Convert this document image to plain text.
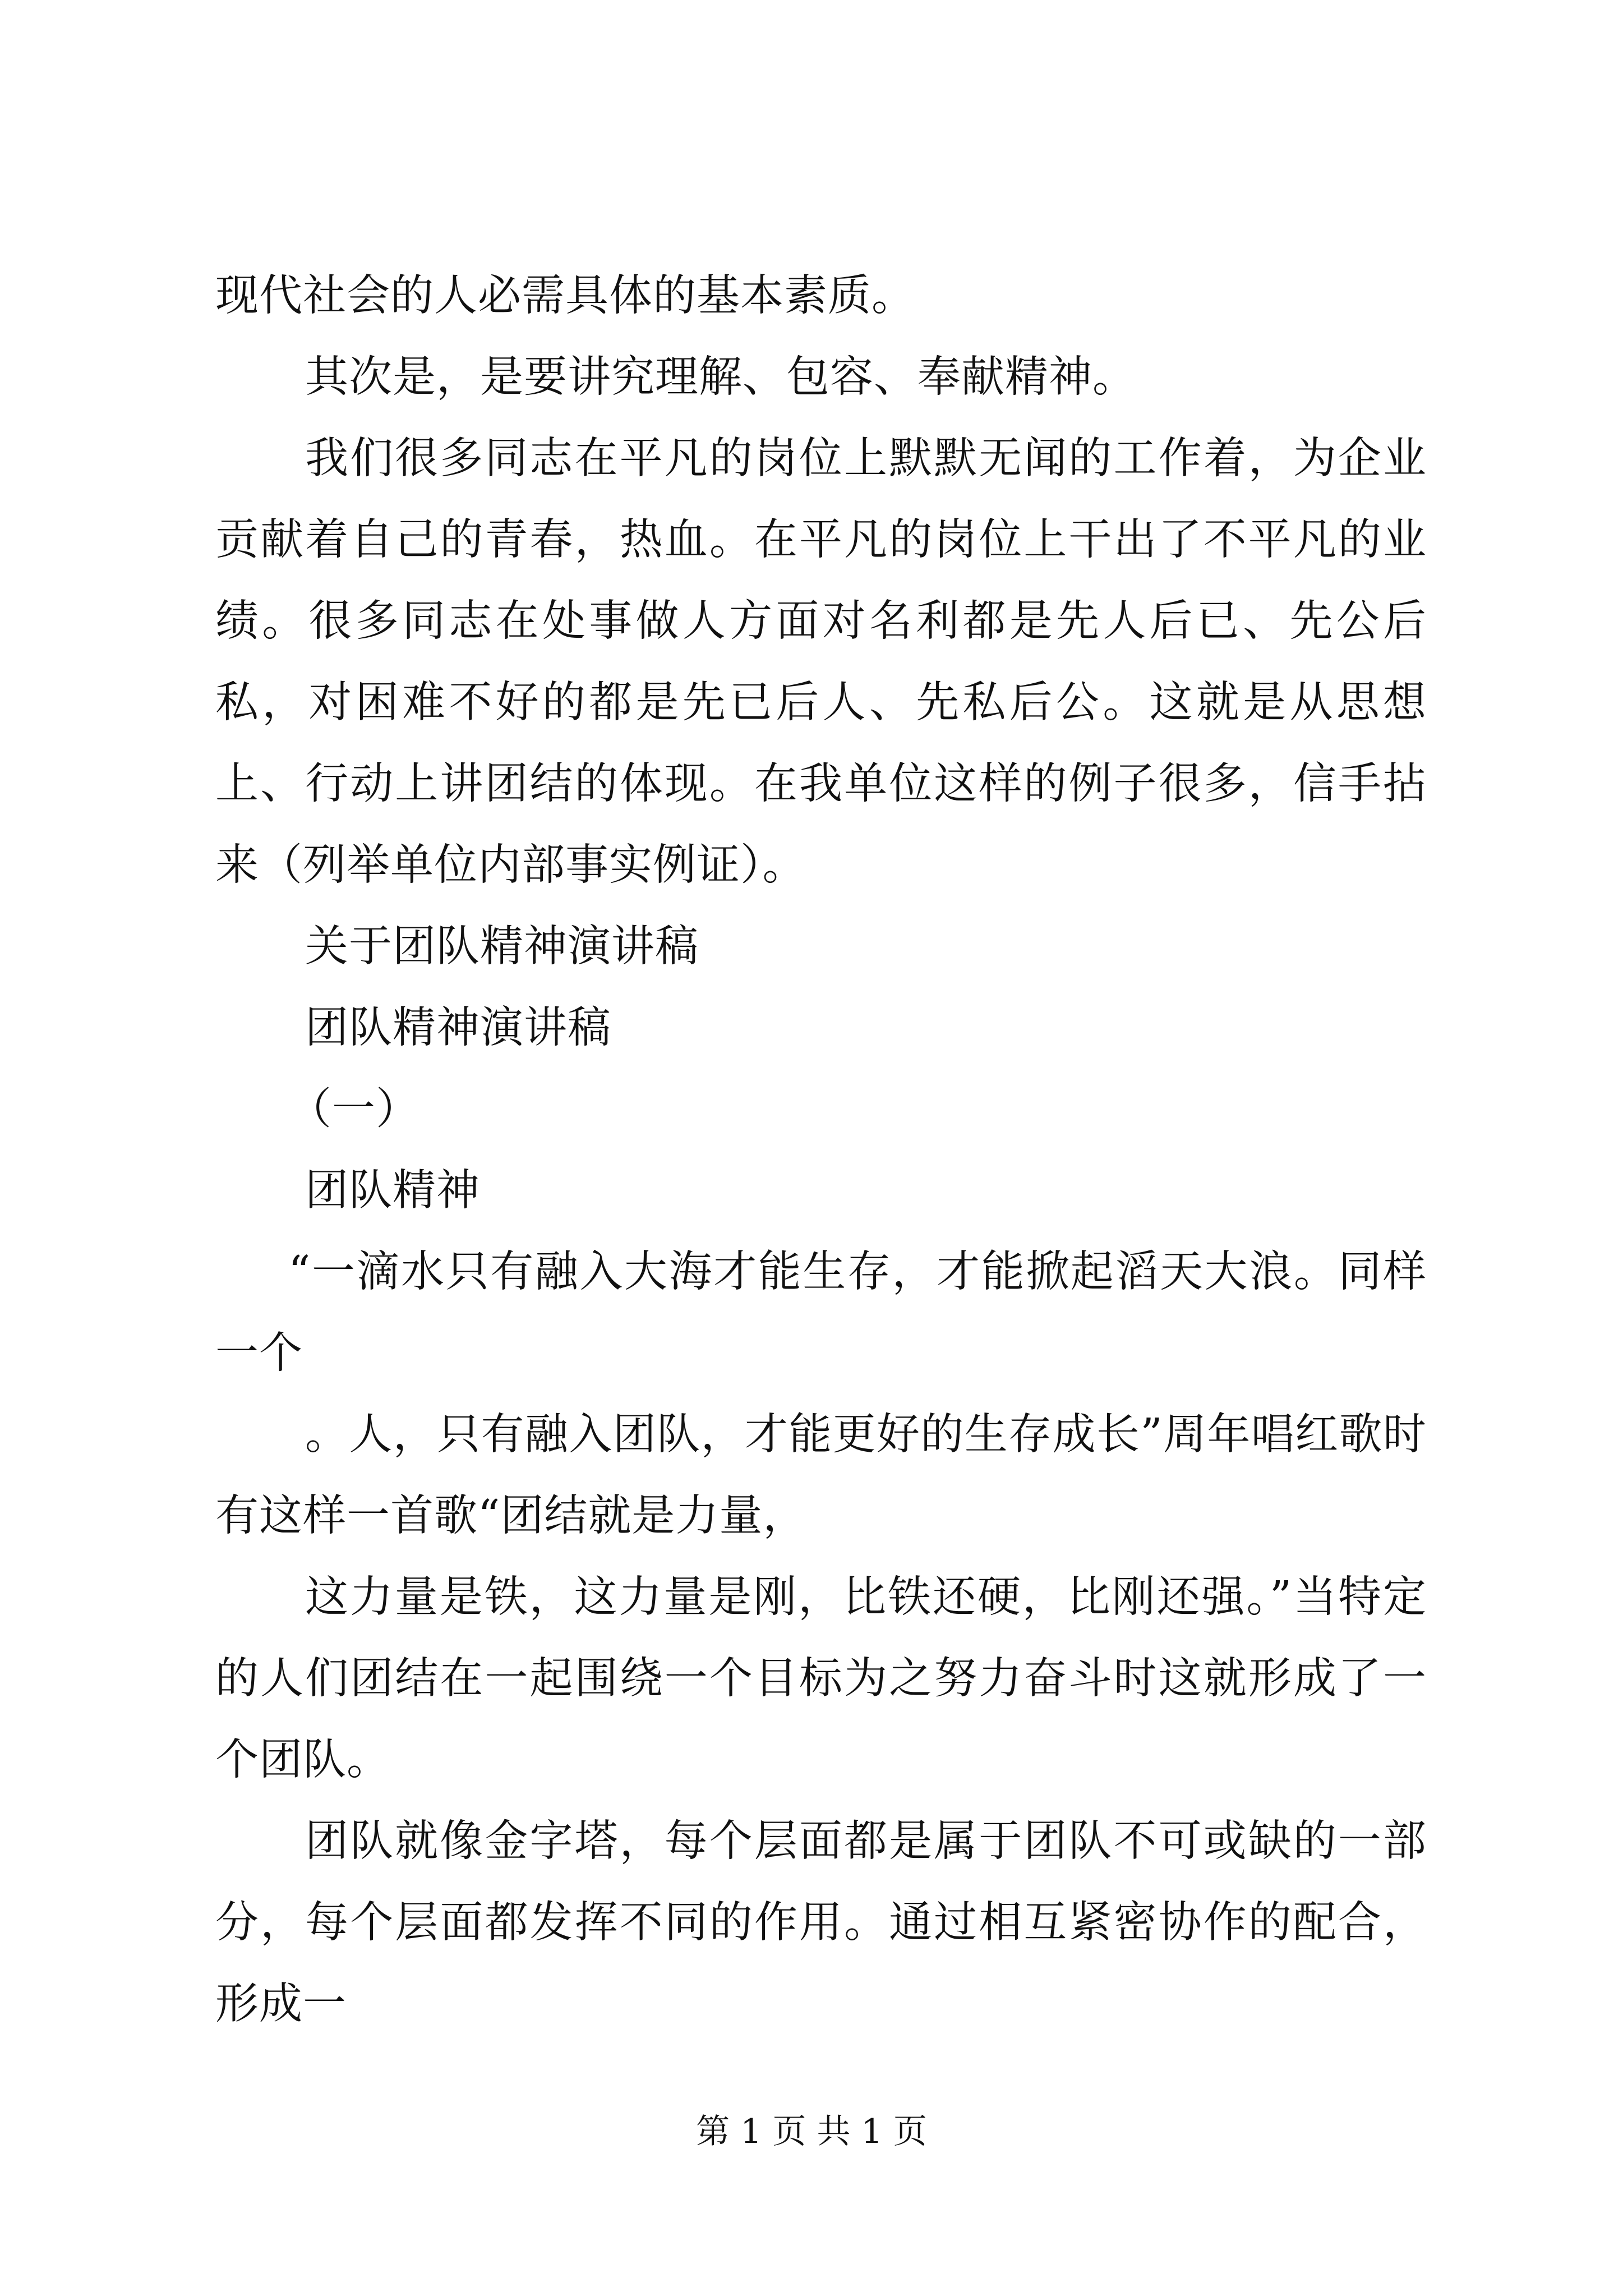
现代社会的人必需具体的基本素质。

其次是，是要讲究理解、包容、奉献精神。

我们很多同志在平凡的岗位上默默无闻的工作着，为企业贡献着自己的青春，热血。在平凡的岗位上干出了不平凡的业绩。很多同志在处事做人方面对名利都是先人后已、先公后私，对困难不好的都是先已后人、先私后公。这就是从思想上、行动上讲团结的体现。在我单位这样的例子很多，信手拈来（列举单位内部事实例证）。

关于团队精神演讲稿

团队精神演讲稿

（一）

团队精神

“一滴水只有融入大海才能生存，才能掀起滔天大浪。同样一个

。人，只有融入团队，才能更好的生存成长”周年唱红歌时有这样一首歌“团结就是力量，

这力量是铁，这力量是刚，比铁还硬，比刚还强。”当特定的人们团结在一起围绕一个目标为之努力奋斗时这就形成了一个团队。

团队就像金字塔，每个层面都是属于团队不可或缺的一部分，每个层面都发挥不同的作用。通过相互紧密协作的配合，形成一

第 1 页 共 1 页
